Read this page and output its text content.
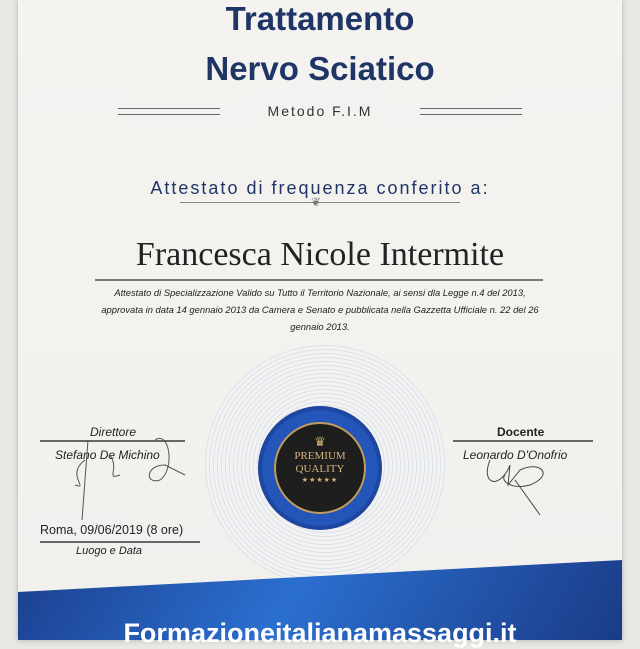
Trattamento
Nervo Sciatico
Metodo F.I.M
Attestato di frequenza conferito a:
❦
Francesca Nicole Intermite
Attestato di Specializzazione Valido su Tutto il Territorio Nazionale, ai sensi dla Legge n.4 del 2013, approvata in data 14 gennaio 2013 da Camera e Senato e pubblicata nella Gazzetta Ufficiale n. 22 del 26 gennaio 2013.
♛
PREMIUM
QUALITY
★★★★★
Direttore
Stefano De Michino
Docente
Leonardo D'Onofrio
Roma, 09/06/2019 (8 ore)
Luogo e Data
Formazioneitalianamassaggi.it
